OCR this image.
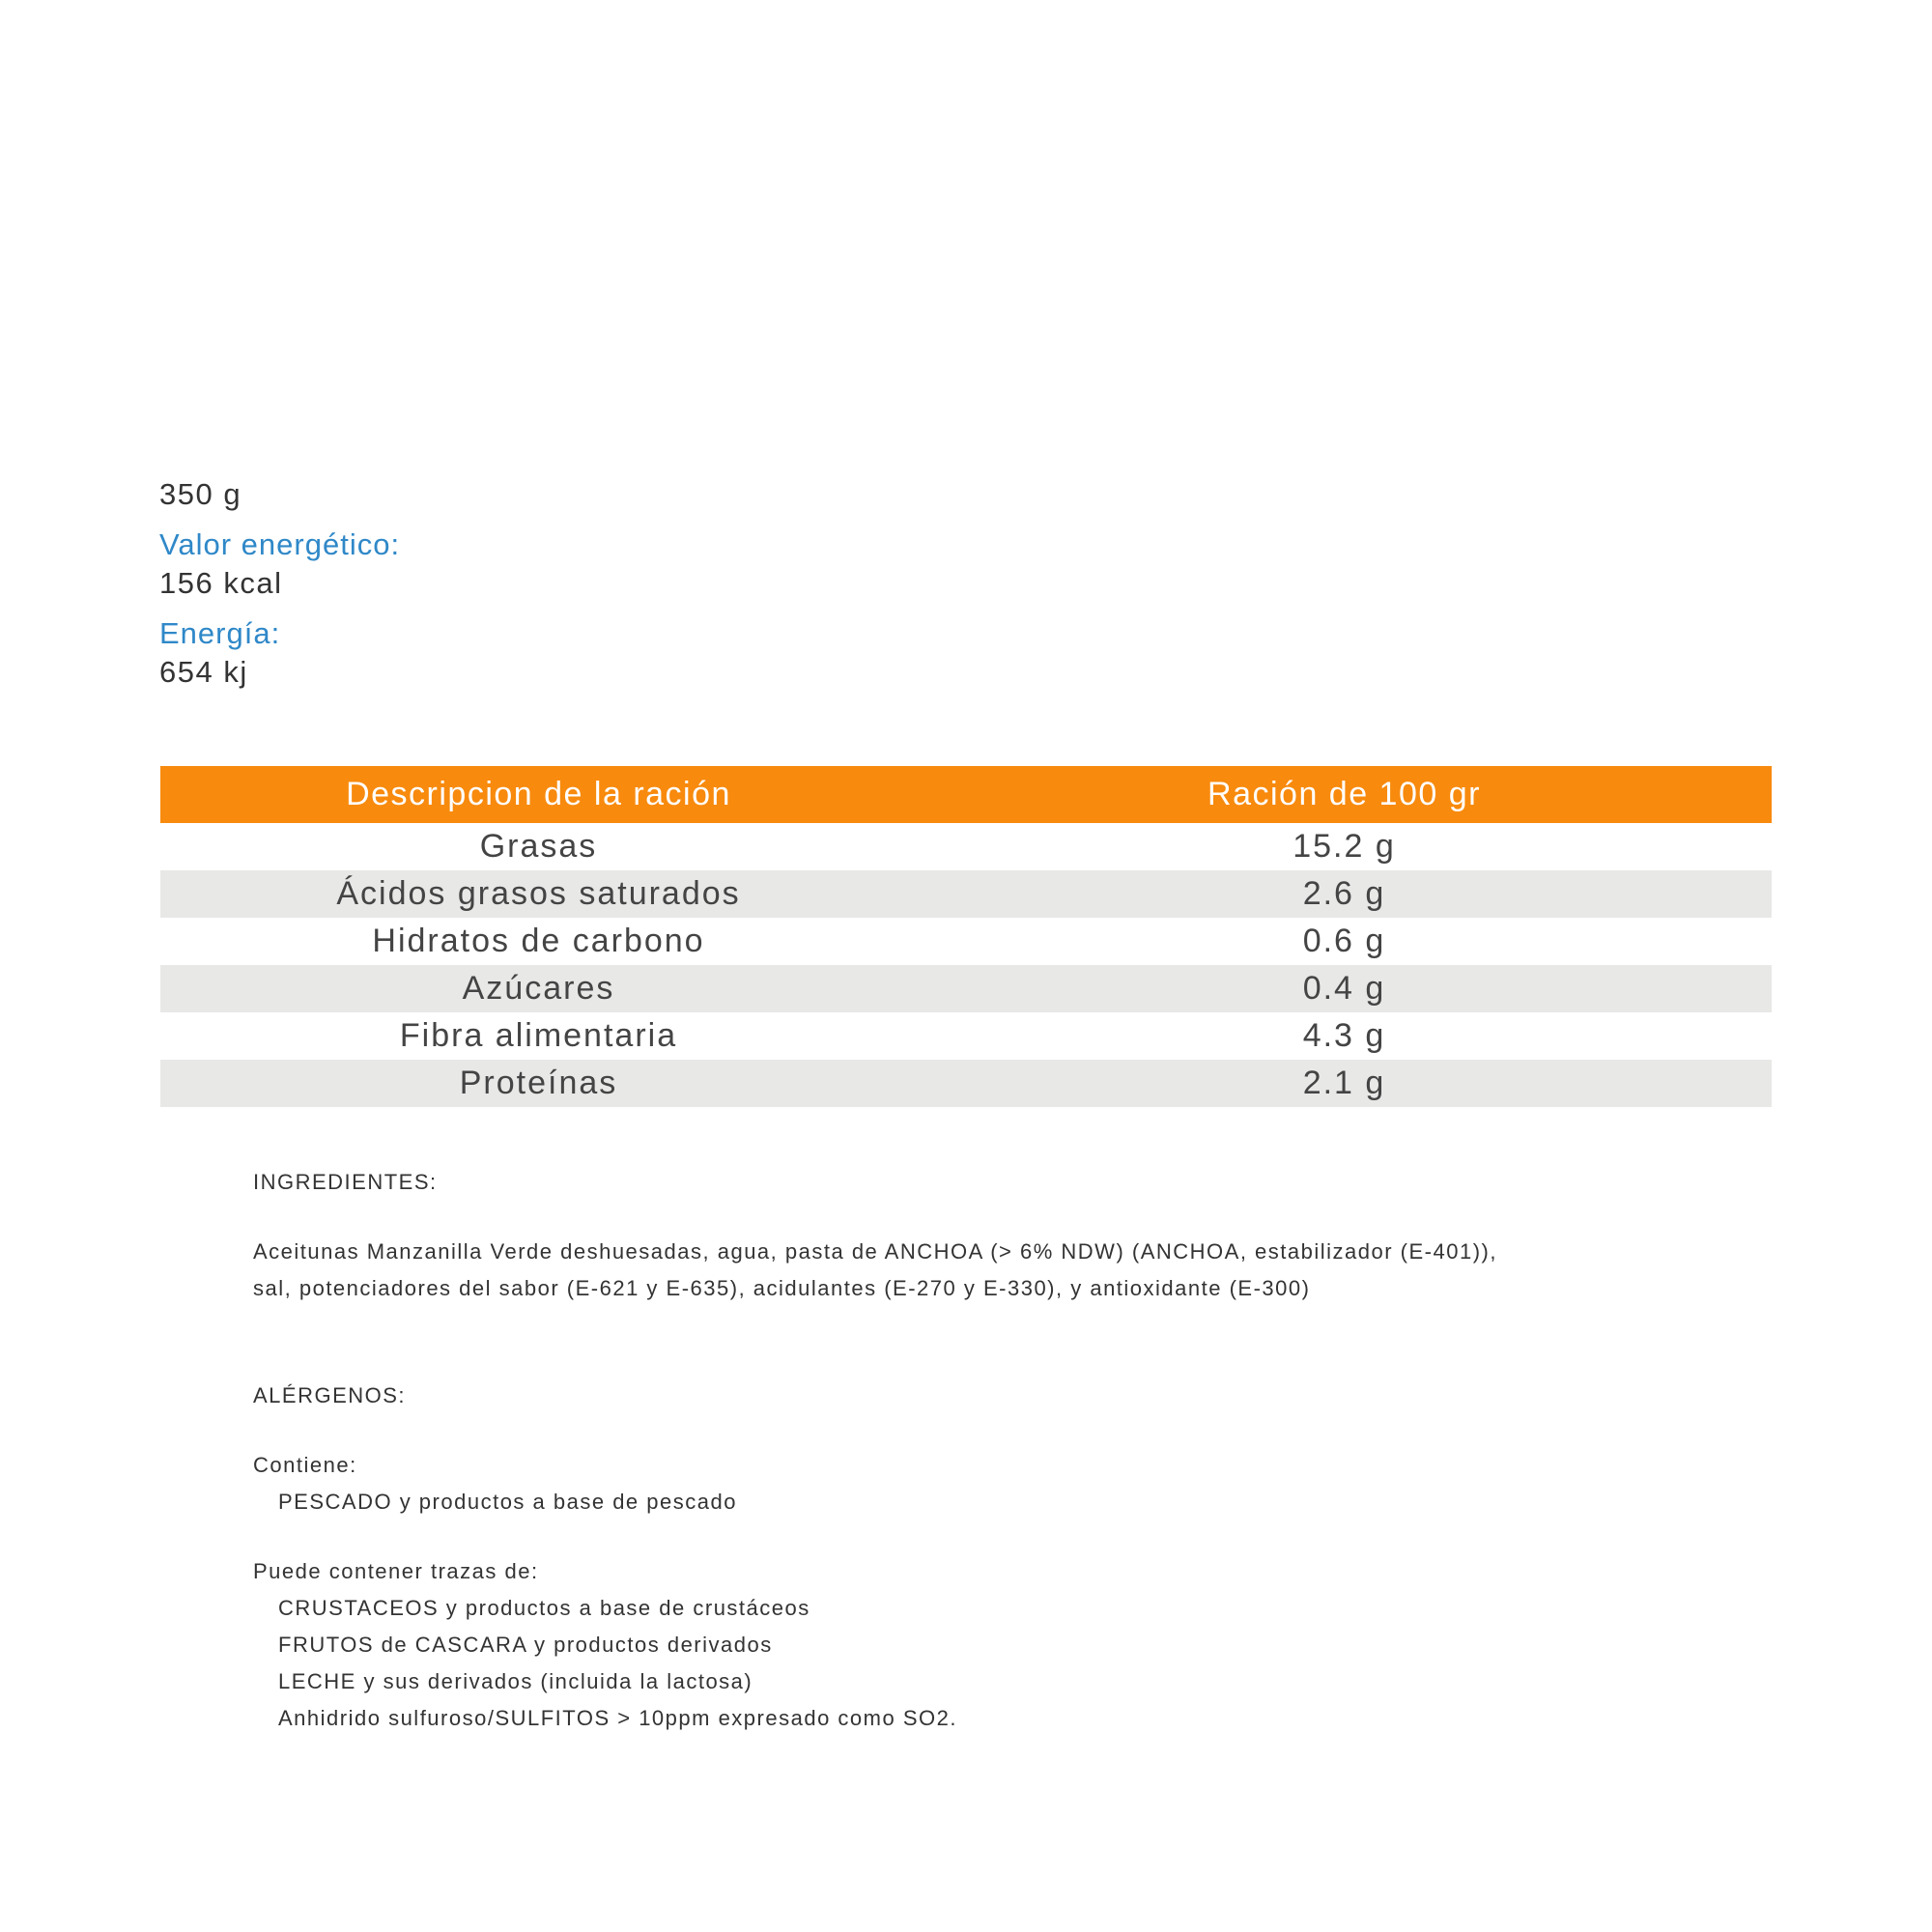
350 g

Valor energético:

156 kcal

Energía:

654 kj

Descripcion de la ración	Ración de 100 gr
Grasas	15.2 g
Ácidos grasos saturados	2.6 g
Hidratos de carbono	0.6 g
Azúcares	0.4 g
Fibra alimentaria	4.3 g
Proteínas	2.1 g

INGREDIENTES:

Aceitunas Manzanilla Verde deshuesadas, agua, pasta de ANCHOA (> 6% NDW) (ANCHOA, estabilizador (E-401)),

sal, potenciadores del sabor (E-621 y E-635), acidulantes (E-270 y E-330), y antioxidante (E-300)

ALÉRGENOS:

Contiene:

PESCADO y productos a base de pescado

Puede contener trazas de:

CRUSTACEOS y productos a base de crustáceos

FRUTOS de CASCARA y productos derivados

LECHE y sus derivados (incluida la lactosa)

Anhidrido sulfuroso/SULFITOS > 10ppm expresado como SO2.
